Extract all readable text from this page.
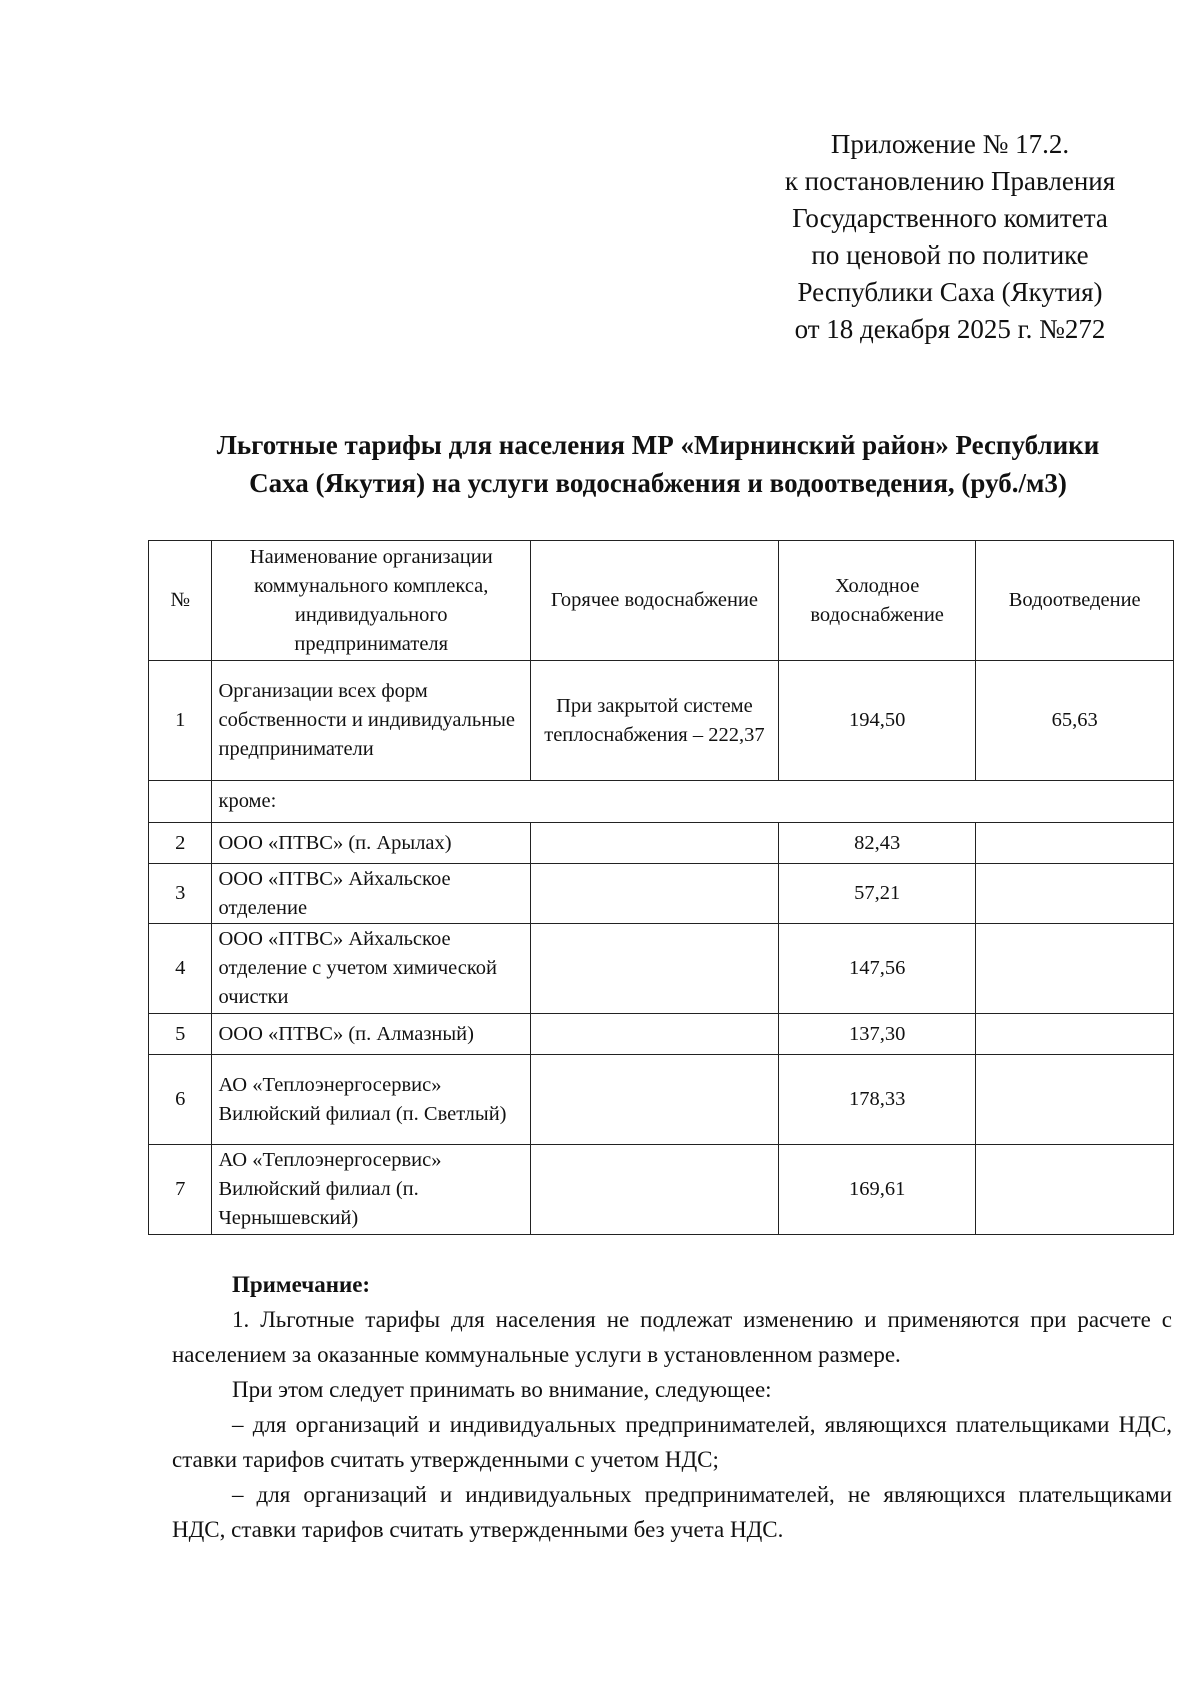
Приложение № 17.2.
к постановлению Правления
Государственного комитета
по ценовой по политике
Республики Саха (Якутия)
от 18 декабря 2025 г. №272
Льготные тарифы для населения МР «Мирнинский район» Республики
Саха (Якутия) на услуги водоснабжения и водоотведения, (руб./м3)
№	Наименование организации коммунального комплекса, индивидуального предпринимателя	Горячее водоснабжение	Холодное водоснабжение	Водоотведение
1	Организации всех форм собственности и индивидуальные предприниматели	При закрытой системе теплоснабжения – 222,37	194,50	65,63
	кроме:			
2	ООО «ПТВС» (п. Арылах)		82,43	
3	ООО «ПТВС» Айхальское отделение		57,21	
4	ООО «ПТВС» Айхальское отделение с учетом химической очистки		147,56	
5	ООО «ПТВС» (п. Алмазный)		137,30	
6	АО «Теплоэнергосервис» Вилюйский филиал (п. Светлый)		178,33	
7	АО «Теплоэнергосервис» Вилюйский филиал (п. Чернышевский)		169,61	

Примечание:

1. Льготные тарифы для населения не подлежат изменению и применяются при расчете с населением за оказанные коммунальные услуги в установленном размере.

При этом следует принимать во внимание, следующее:

– для организаций и индивидуальных предпринимателей, являющихся плательщиками НДС, ставки тарифов считать утвержденными с учетом НДС;

– для организаций и индивидуальных предпринимателей, не являющихся плательщиками НДС, ставки тарифов считать утвержденными без учета НДС.
